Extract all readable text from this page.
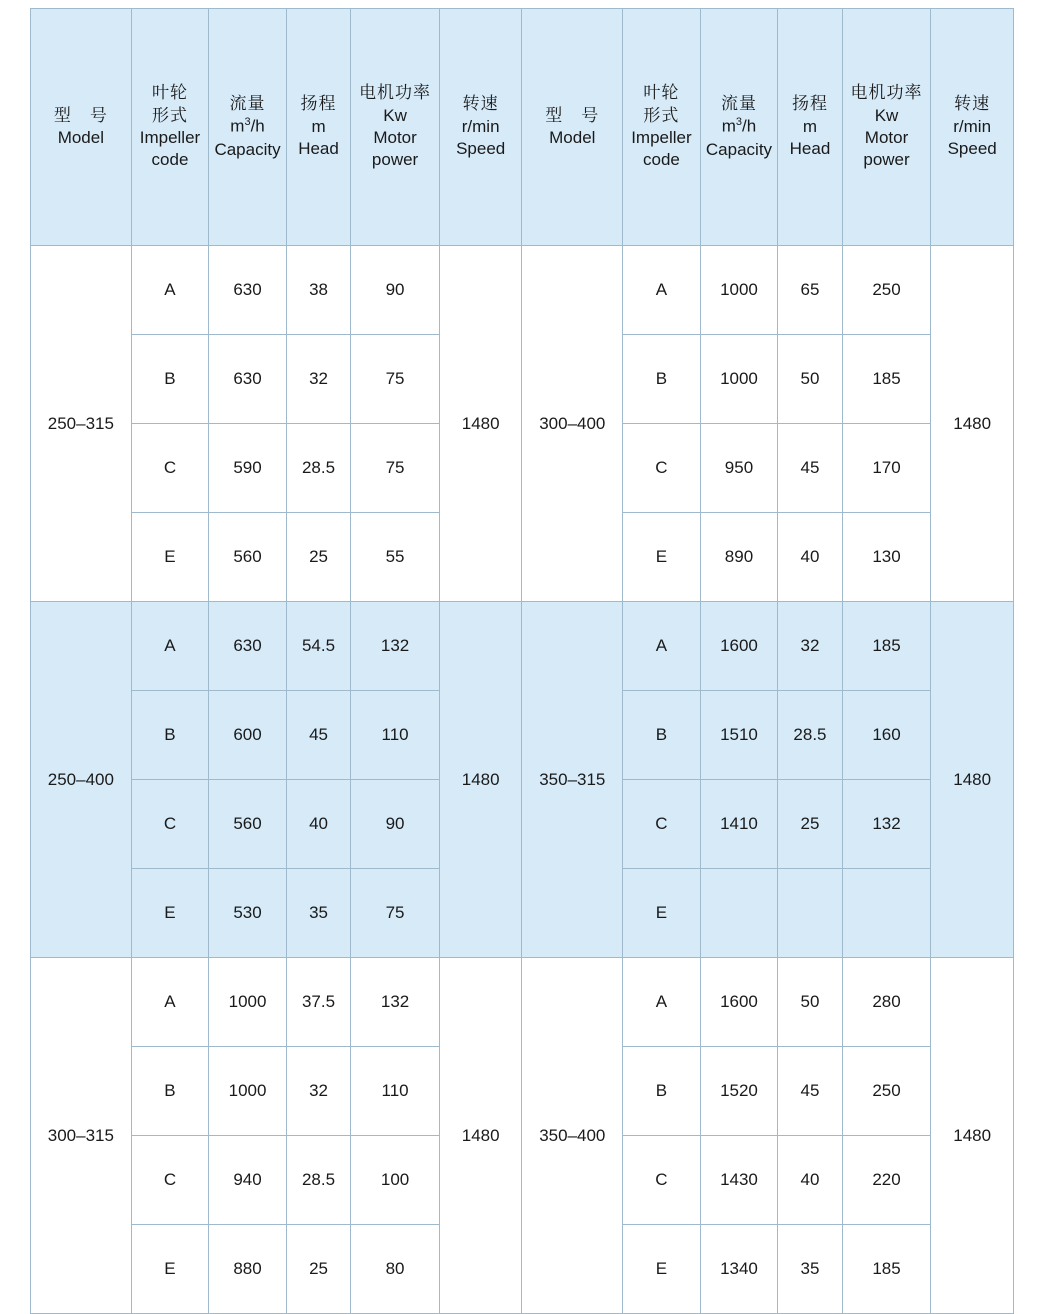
型　号
Model	叶轮
形式
Impeller
code	流量
$m^3/h$
Capacity	扬程
m
Head	电机功率
Kw
Motor
power	转速
r/min
Speed	型　号
Model	叶轮
形式
Impeller
code	流量
$m^3/h$
Capacity	扬程
m
Head	电机功率
Kw
Motor
power	转速
r/min
Speed

250–315	A	630	38	90	1480	300–400	A	1000	65	250	1480
	B	630	32	75			B	1000	50	185	
	C	590	28.5	75			C	950	45	170	
	E	560	25	55			E	890	40	130	
250–400	A	630	54.5	132	1480	350–315	A	1600	32	185	1480
	B	600	45	110			B	1510	28.5	160	
	C	560	40	90			C	1410	25	132	
	E	530	35	75			E				
300–315	A	1000	37.5	132	1480	350–400	A	1600	50	280	1480
	B	1000	32	110			B	1520	45	250	
	C	940	28.5	100			C	1430	40	220	
	E	880	25	80			E	1340	35	185	
